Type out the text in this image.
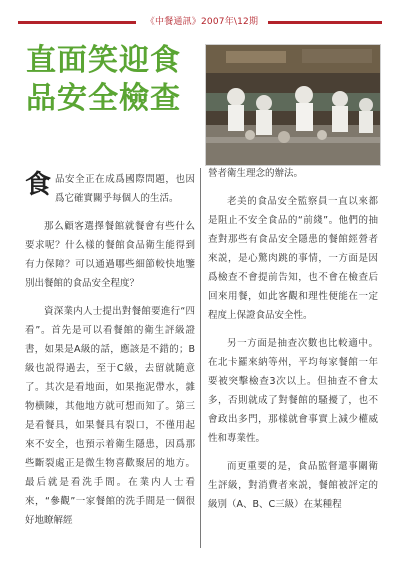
《中餐通訊》2007年\12期
直面笑迎食
品安全檢查

食 品安全正在成爲國際問題，也因爲它確實關乎每個人的生活。

那么顧客選擇餐館就餐會有些什么要求呢？什么樣的餐館食品衛生能得到有力保障？可以通過哪些細節較快地鑒別出餐館的食品安全程度？

資深業内人士提出對餐館要進行“四看”。首先是可以看餐館的衛生評級證書，如果是A級的話，應該是不錯的；B級也説得過去，至于C級，去留就隨意了。其次是看地面，如果拖泥帶水，雜物横陳，其他地方就可想而知了。第三是看餐具，如果餐具有裂口，不僅用起來不安全，也預示着衛生隱患，因爲那些斷裂處正是微生物喜歡聚居的地方。最后就是看洗手間。在業内人士看來，“參觀”一家餐館的洗手間是一個很好地瞭解經

營者衛生理念的辦法。

老美的食品安全監察員一直以來都是阻止不安全食品的“前綫”。他們的抽查對那些有食品安全隱患的餐館經營者來説，是心驚肉跳的事情，一方面是因爲檢查不會提前告知，也不會在檢查后回來用餐，如此客觀和理性便能在一定程度上保證食品安全性。

另一方面是抽查次數也比較適中。在北卡羅來納等州，平均每家餐館一年要被突擊檢查3次以上。但抽查不會太多，否則就成了對餐館的騷擾了，也不會政出多門，那樣就會事實上減少權威性和專業性。

而更重要的是，食品監督還事關衛生評級，對消費者來説，餐館被評定的級別（A、B、C三級）在某種程
